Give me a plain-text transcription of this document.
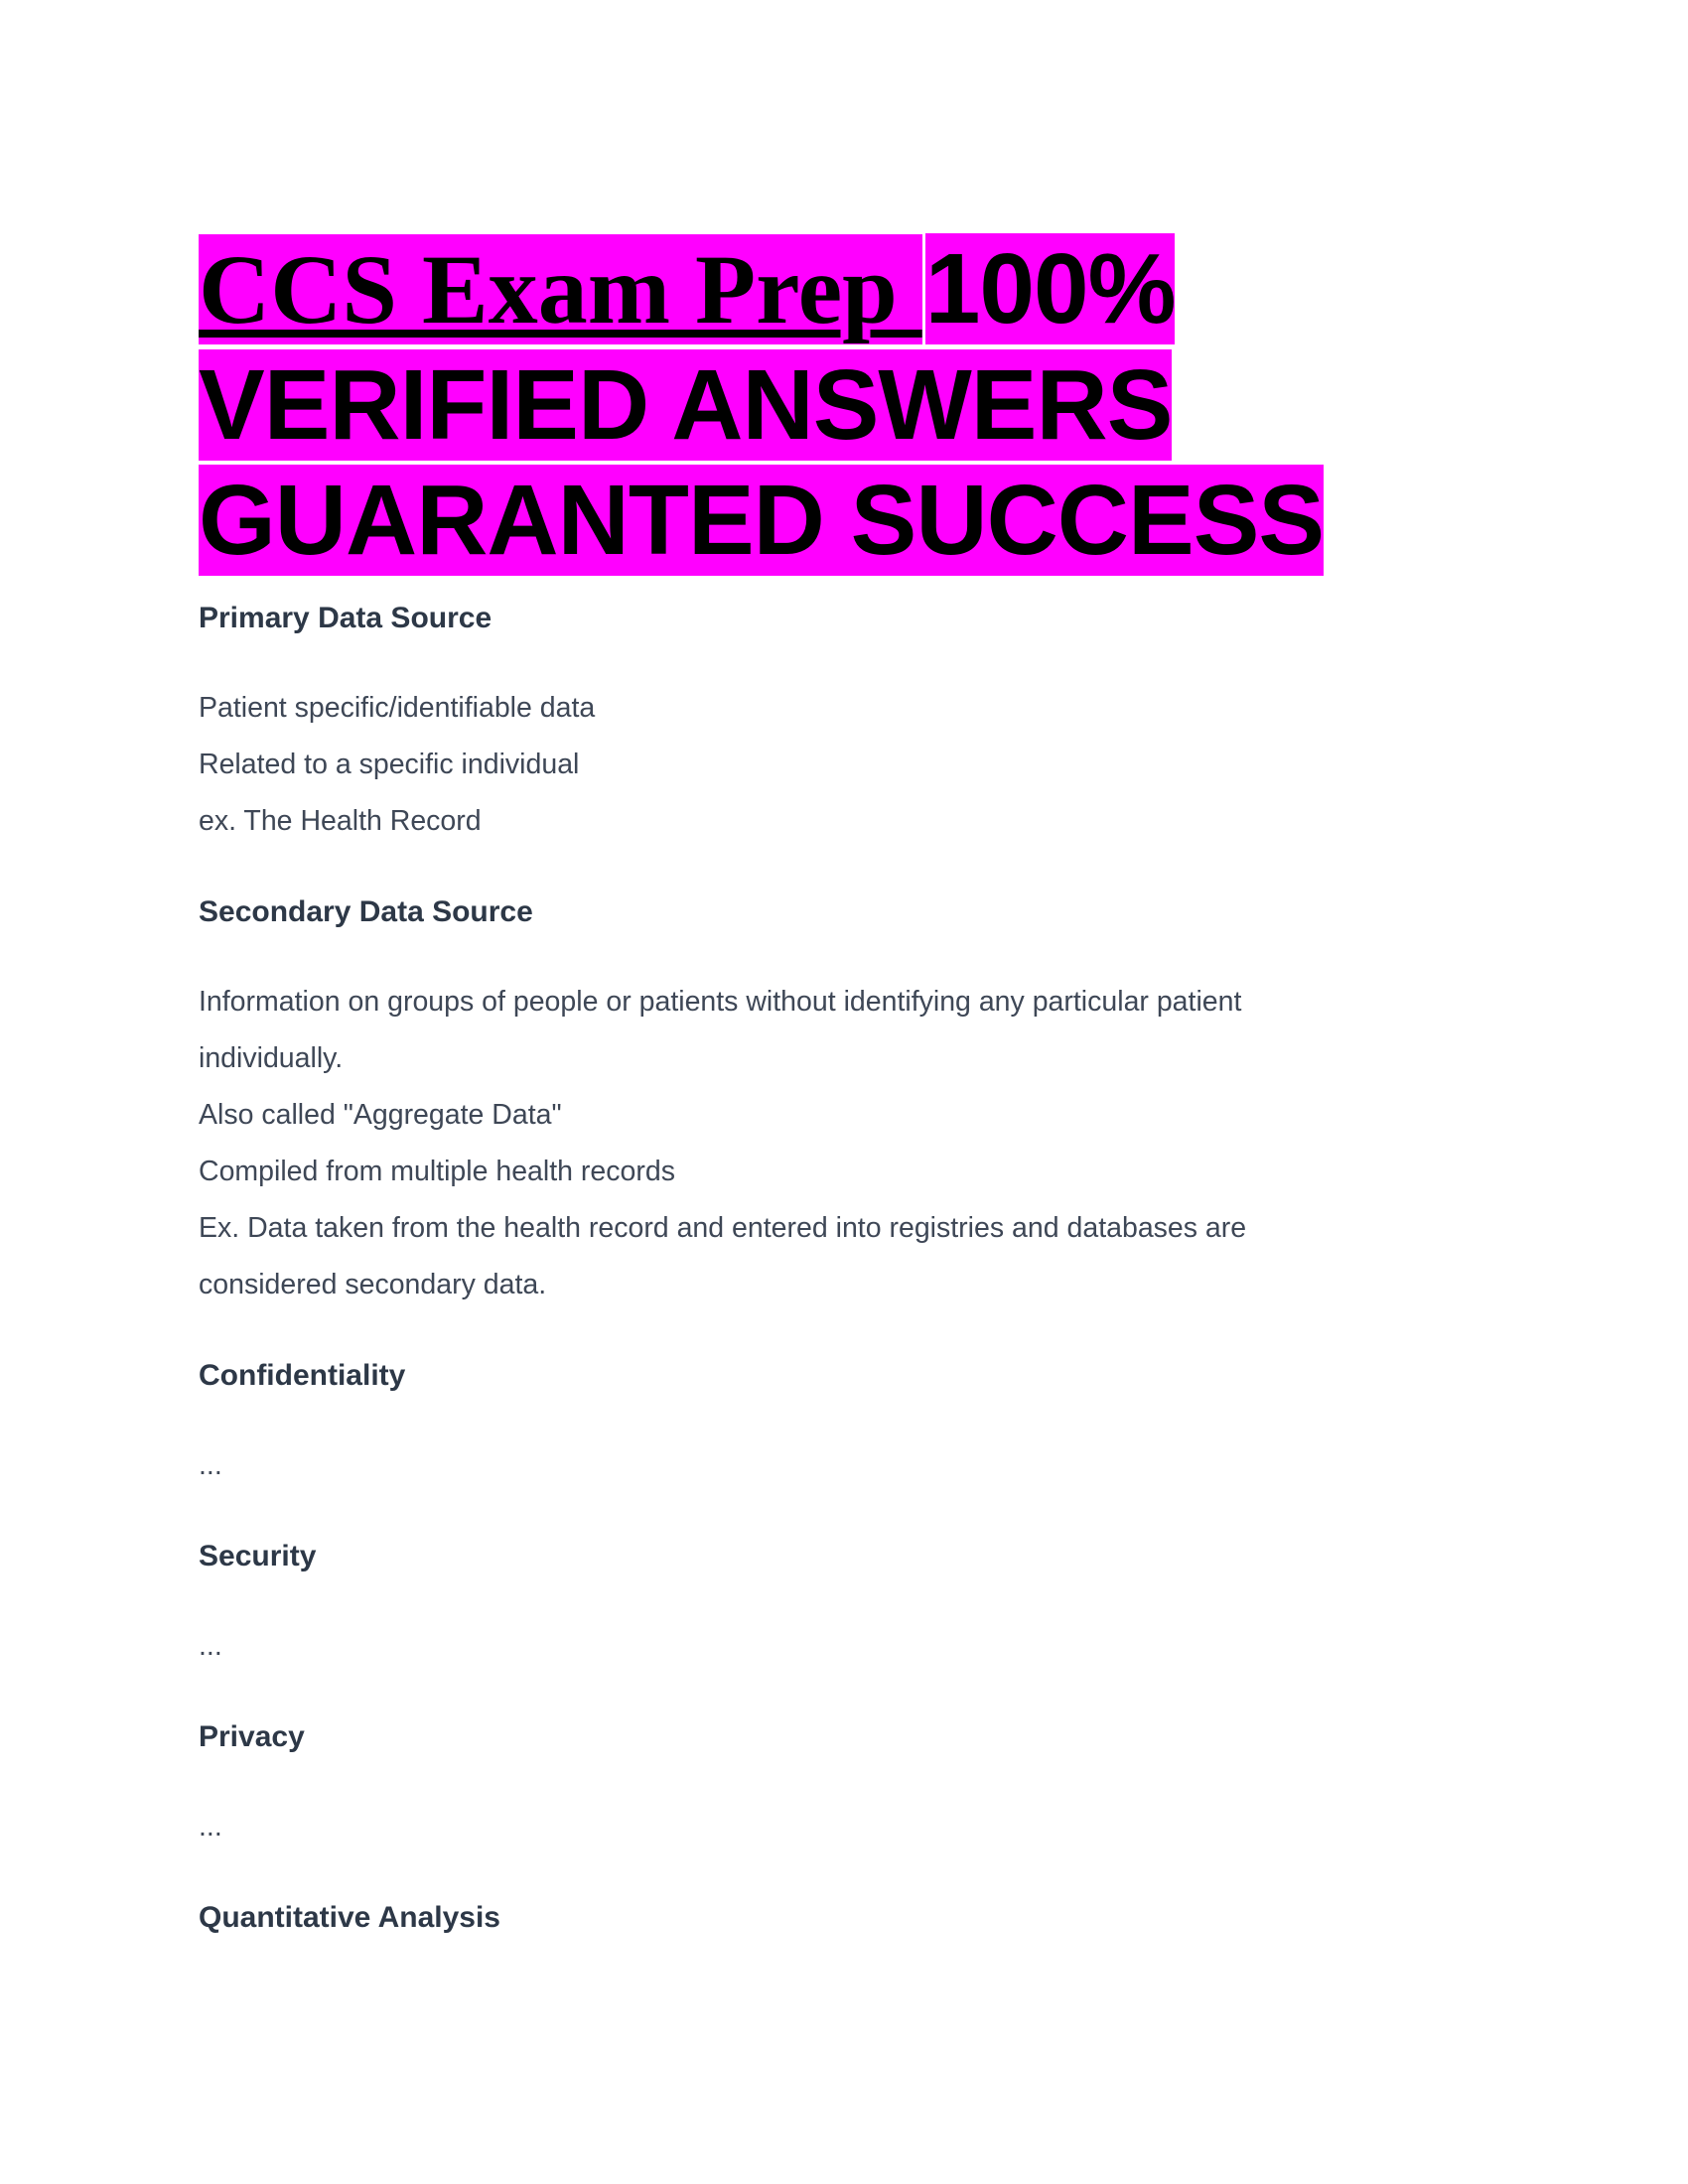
CCS Exam Prep 100%
VERIFIED ANSWERS
GUARANTED SUCCESS
Primary Data Source

Patient specific/identifiable data
Related to a specific individual
ex. The Health Record

Secondary Data Source

Information on groups of people or patients without identifying any particular patient
individually.
Also called "Aggregate Data"
Compiled from multiple health records
Ex. Data taken from the health record and entered into registries and databases are
considered secondary data.

Confidentiality

...

Security

...

Privacy

...

Quantitative Analysis
